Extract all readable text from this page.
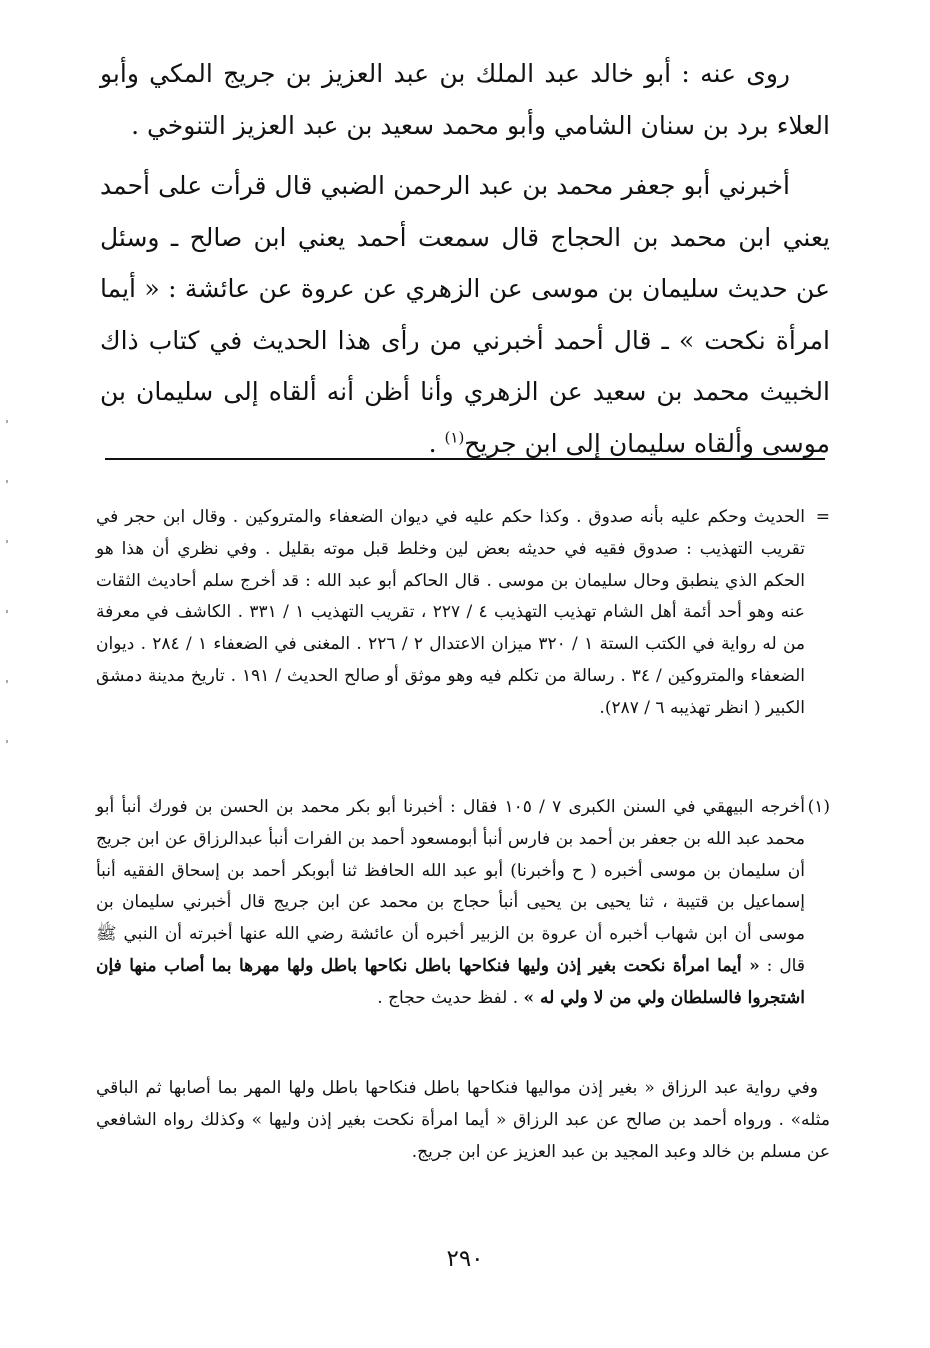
روى عنه : أبو خالد عبد الملك بن عبد العزيز بن جريج المكي وأبو العلاء برد بن سنان الشامي وأبو محمد سعيد بن عبد العزيز التنوخي .

أخبرني أبو جعفر محمد بن عبد الرحمن الضبي قال قرأت على أحمد يعني ابن محمد بن الحجاج قال سمعت أحمد يعني ابن صالح ـ وسئل عن حديث سليمان بن موسى عن الزهري عن عروة عن عائشة : « أيما امرأة نكحت » ـ قال أحمد أخبرني من رأى هذا الحديث في كتاب ذاك الخبيث محمد بن سعيد عن الزهري وأنا أظن أنه ألقاه إلى سليمان بن موسى وألقاه سليمان إلى ابن جريح$^{(١)}$ .

=
الحديث وحكم عليه بأنه صدوق . وكذا حكم عليه في ديوان الضعفاء والمتروكين . وقال ابن حجر في تقريب التهذيب : صدوق فقيه في حديثه بعض لين وخلط قبل موته بقليل . وفي نظري أن هذا هو الحكم الذي ينطبق وحال سليمان بن موسى . قال الحاكم أبو عبد الله : قد أخرج سلم أحاديث الثقات عنه وهو أحد أئمة أهل الشام تهذيب التهذيب ٤ / ٢٢٧ ، تقريب التهذيب ١ / ٣٣١ . الكاشف في معرفة من له رواية في الكتب الستة ١ / ٣٢٠ ميزان الاعتدال ٢ / ٢٢٦ . المغنى في الضعفاء ١ / ٢٨٤ . ديوان الضعفاء والمتروكين / ٣٤ . رسالة من تكلم فيه وهو موثق أو صالح الحديث / ١٩١ . تاريخ مدينة دمشق الكبير ( انظر تهذيبه ٦ / ٢٨٧).

(١)
أخرجه البيهقي في السنن الكبرى ٧ / ١٠٥ فقال : أخبرنا أبو بكر محمد بن الحسن بن فورك أنبأ أبو محمد عبد الله بن جعفر بن أحمد بن فارس أنبأ أبومسعود أحمد بن الفرات أنبأ عبدالرزاق عن ابن جريج أن سليمان بن موسى أخبره ( ح وأخبرنا) أبو عبد الله الحافظ ثنا أبوبكر أحمد بن إسحاق الفقيه أنبأ إسماعيل بن قتيبة ، ثنا يحيى بن يحيى أنبأ حجاج بن محمد عن ابن جريج قال أخبرني سليمان بن موسى أن ابن شهاب أخبره أن عروة بن الزبير أخبره أن عائشة رضي الله عنها أخبرته أن النبي ﷺ قال : « أيما امرأة نكحت بغير إذن وليها فنكاحها باطل نكاحها باطل ولها مهرها بما أصاب منها فإن اشتجروا فالسلطان ولي من لا ولي له » . لفظ حديث حجاج .

وفي رواية عبد الرزاق « بغير إذن مواليها فنكاحها باطل فنكاحها باطل ولها المهر بما أصابها ثم الباقي مثله» . ورواه أحمد بن صالح عن عبد الرزاق « أيما امرأة نكحت بغير إذن وليها » وكذلك رواه الشافعي عن مسلم بن خالد وعبد المجيد بن عبد العزيز عن ابن جريج.

٢٩٠
